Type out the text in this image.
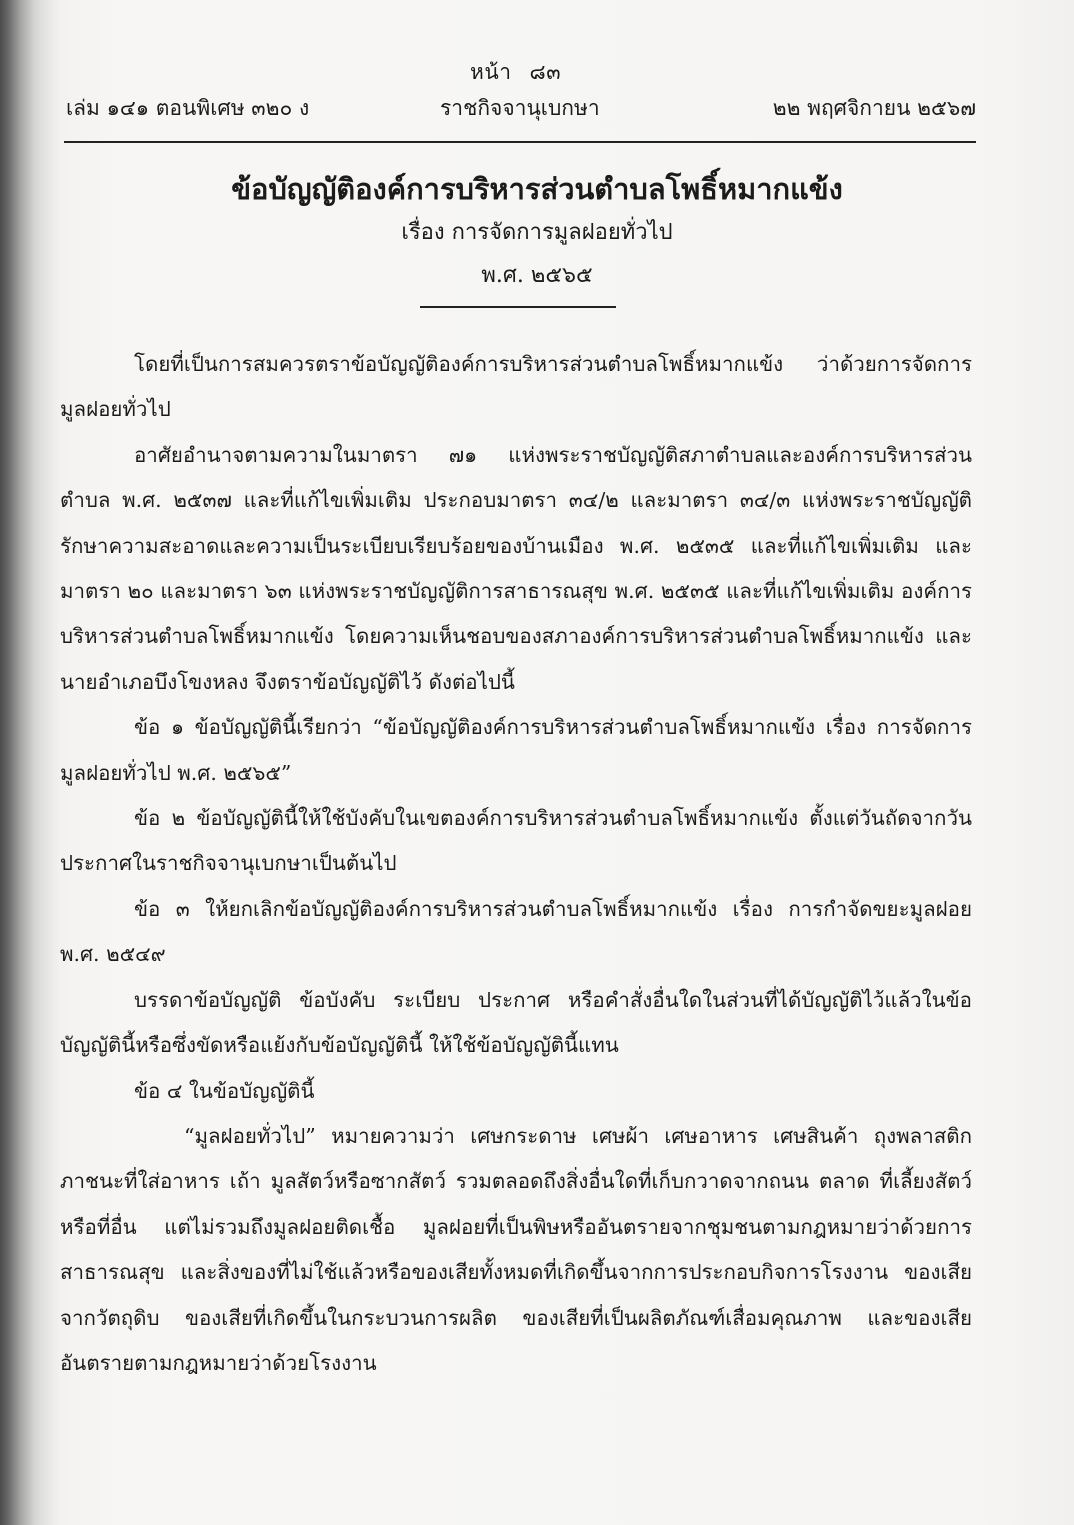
หน้า ๘๓
เล่ม ๑๔๑ ตอนพิเศษ ๓๒๐ ง	ราชกิจจานุเบกษา	๒๒ พฤศจิกายน ๒๕๖๗
ข้อบัญญัติองค์การบริหารส่วนตำบลโพธิ์หมากแข้ง
เรื่อง การจัดการมูลฝอยทั่วไป
พ.ศ. ๒๕๖๕

โดยที่เป็นการสมควรตราข้อบัญญัติองค์การบริหารส่วนตำบลโพธิ์หมากแข้ง ว่าด้วยการจัดการมูลฝอยทั่วไป

อาศัยอำนาจตามความในมาตรา ๗๑ แห่งพระราชบัญญัติสภาตำบลและองค์การบริหารส่วนตำบล พ.ศ. ๒๕๓๗ และที่แก้ไขเพิ่มเติม ประกอบมาตรา ๓๔/๒ และมาตรา ๓๔/๓ แห่งพระราชบัญญัติรักษาความสะอาดและความเป็นระเบียบเรียบร้อยของบ้านเมือง พ.ศ. ๒๕๓๕ และที่แก้ไขเพิ่มเติม และมาตรา ๒๐ และมาตรา ๖๓ แห่งพระราชบัญญัติการสาธารณสุข พ.ศ. ๒๕๓๕ และที่แก้ไขเพิ่มเติม องค์การบริหารส่วนตำบลโพธิ์หมากแข้ง โดยความเห็นชอบของสภาองค์การบริหารส่วนตำบลโพธิ์หมากแข้ง และนายอำเภอบึงโขงหลง จึงตราข้อบัญญัติไว้ ดังต่อไปนี้

ข้อ ๑ ข้อบัญญัตินี้เรียกว่า “ข้อบัญญัติองค์การบริหารส่วนตำบลโพธิ์หมากแข้ง เรื่อง การจัดการมูลฝอยทั่วไป พ.ศ. ๒๕๖๕”

ข้อ ๒ ข้อบัญญัตินี้ให้ใช้บังคับในเขตองค์การบริหารส่วนตำบลโพธิ์หมากแข้ง ตั้งแต่วันถัดจากวันประกาศในราชกิจจานุเบกษาเป็นต้นไป

ข้อ ๓ ให้ยกเลิกข้อบัญญัติองค์การบริหารส่วนตำบลโพธิ์หมากแข้ง เรื่อง การกำจัดขยะมูลฝอย พ.ศ. ๒๕๔๙

บรรดาข้อบัญญัติ ข้อบังคับ ระเบียบ ประกาศ หรือคำสั่งอื่นใดในส่วนที่ได้บัญญัติไว้แล้วในข้อบัญญัตินี้หรือซึ่งขัดหรือแย้งกับข้อบัญญัตินี้ ให้ใช้ข้อบัญญัตินี้แทน

ข้อ ๔ ในข้อบัญญัตินี้

“มูลฝอยทั่วไป” หมายความว่า เศษกระดาษ เศษผ้า เศษอาหาร เศษสินค้า ถุงพลาสติก ภาชนะที่ใส่อาหาร เถ้า มูลสัตว์หรือซากสัตว์ รวมตลอดถึงสิ่งอื่นใดที่เก็บกวาดจากถนน ตลาด ที่เลี้ยงสัตว์หรือที่อื่น แต่ไม่รวมถึงมูลฝอยติดเชื้อ มูลฝอยที่เป็นพิษหรืออันตรายจากชุมชนตามกฎหมายว่าด้วยการสาธารณสุข และสิ่งของที่ไม่ใช้แล้วหรือของเสียทั้งหมดที่เกิดขึ้นจากการประกอบกิจการโรงงาน ของเสียจากวัตถุดิบ ของเสียที่เกิดขึ้นในกระบวนการผลิต ของเสียที่เป็นผลิตภัณฑ์เสื่อมคุณภาพ และของเสียอันตรายตามกฎหมายว่าด้วยโรงงาน
